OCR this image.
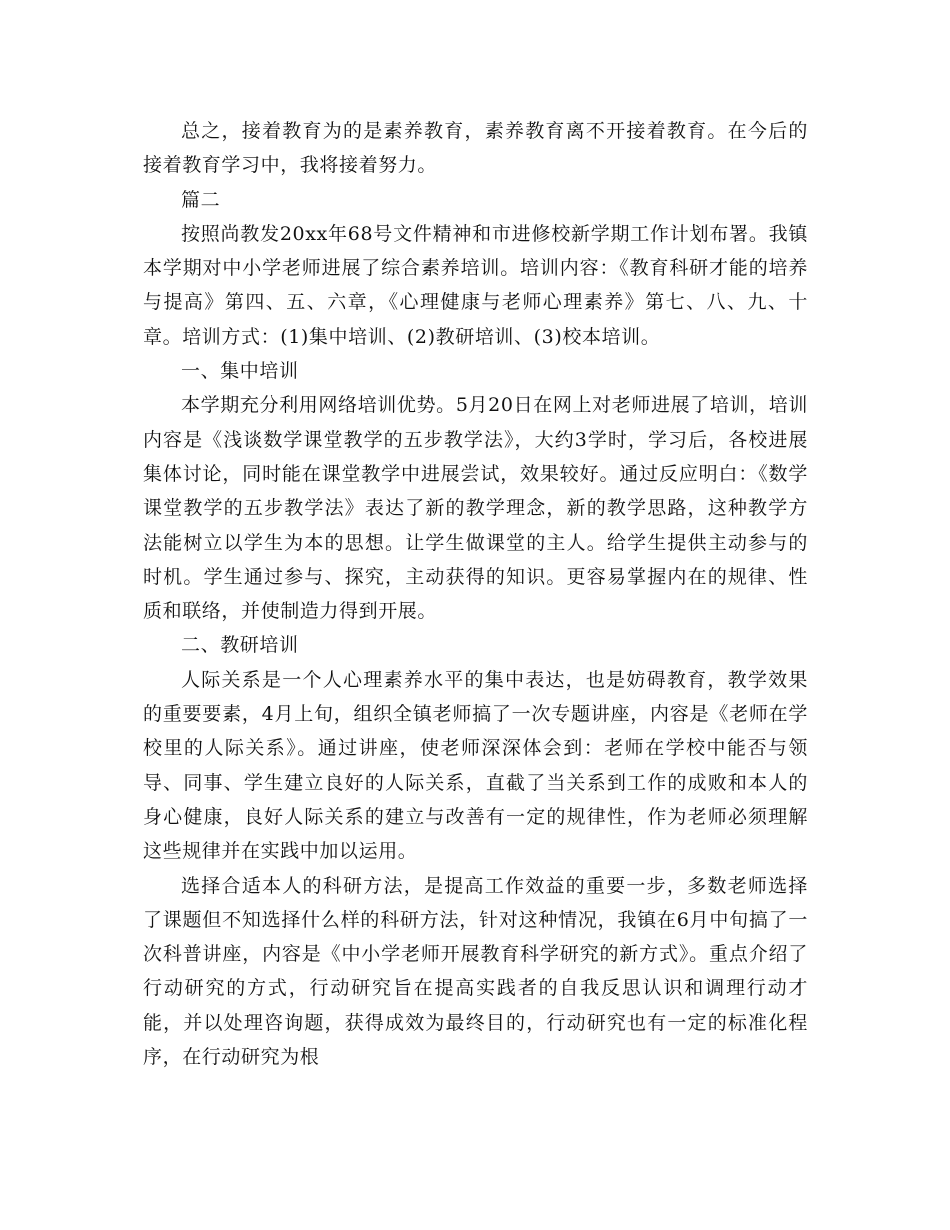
总之，接着教育为的是素养教育，素养教育离不开接着教育。在今后的接着教育学习中，我将接着努力。

篇二

按照尚教发20xx年68号文件精神和市进修校新学期工作计划布署。我镇本学期对中小学老师进展了综合素养培训。培训内容：《教育科研才能的培养与提高》第四、五、六章，《心理健康与老师心理素养》第七、八、九、十章。培训方式：(1)集中培训、(2)教研培训、(3)校本培训。

一、集中培训

本学期充分利用网络培训优势。5月20日在网上对老师进展了培训，培训内容是《浅谈数学课堂教学的五步教学法》，大约3学时，学习后，各校进展集体讨论，同时能在课堂教学中进展尝试，效果较好。通过反应明白：《数学课堂教学的五步教学法》表达了新的教学理念，新的教学思路，这种教学方法能树立以学生为本的思想。让学生做课堂的主人。给学生提供主动参与的时机。学生通过参与、探究，主动获得的知识。更容易掌握内在的规律、性质和联络，并使制造力得到开展。

二、教研培训

人际关系是一个人心理素养水平的集中表达，也是妨碍教育，教学效果的重要要素，4月上旬，组织全镇老师搞了一次专题讲座，内容是《老师在学校里的人际关系》。通过讲座，使老师深深体会到：老师在学校中能否与领导、同事、学生建立良好的人际关系，直截了当关系到工作的成败和本人的身心健康，良好人际关系的建立与改善有一定的规律性，作为老师必须理解这些规律并在实践中加以运用。

选择合适本人的科研方法，是提高工作效益的重要一步，多数老师选择了课题但不知选择什么样的科研方法，针对这种情况，我镇在6月中旬搞了一次科普讲座，内容是《中小学老师开展教育科学研究的新方式》。重点介绍了行动研究的方式，行动研究旨在提高实践者的自我反思认识和调理行动才能，并以处理咨询题，获得成效为最终目的，行动研究也有一定的标准化程序，在行动研究为根
